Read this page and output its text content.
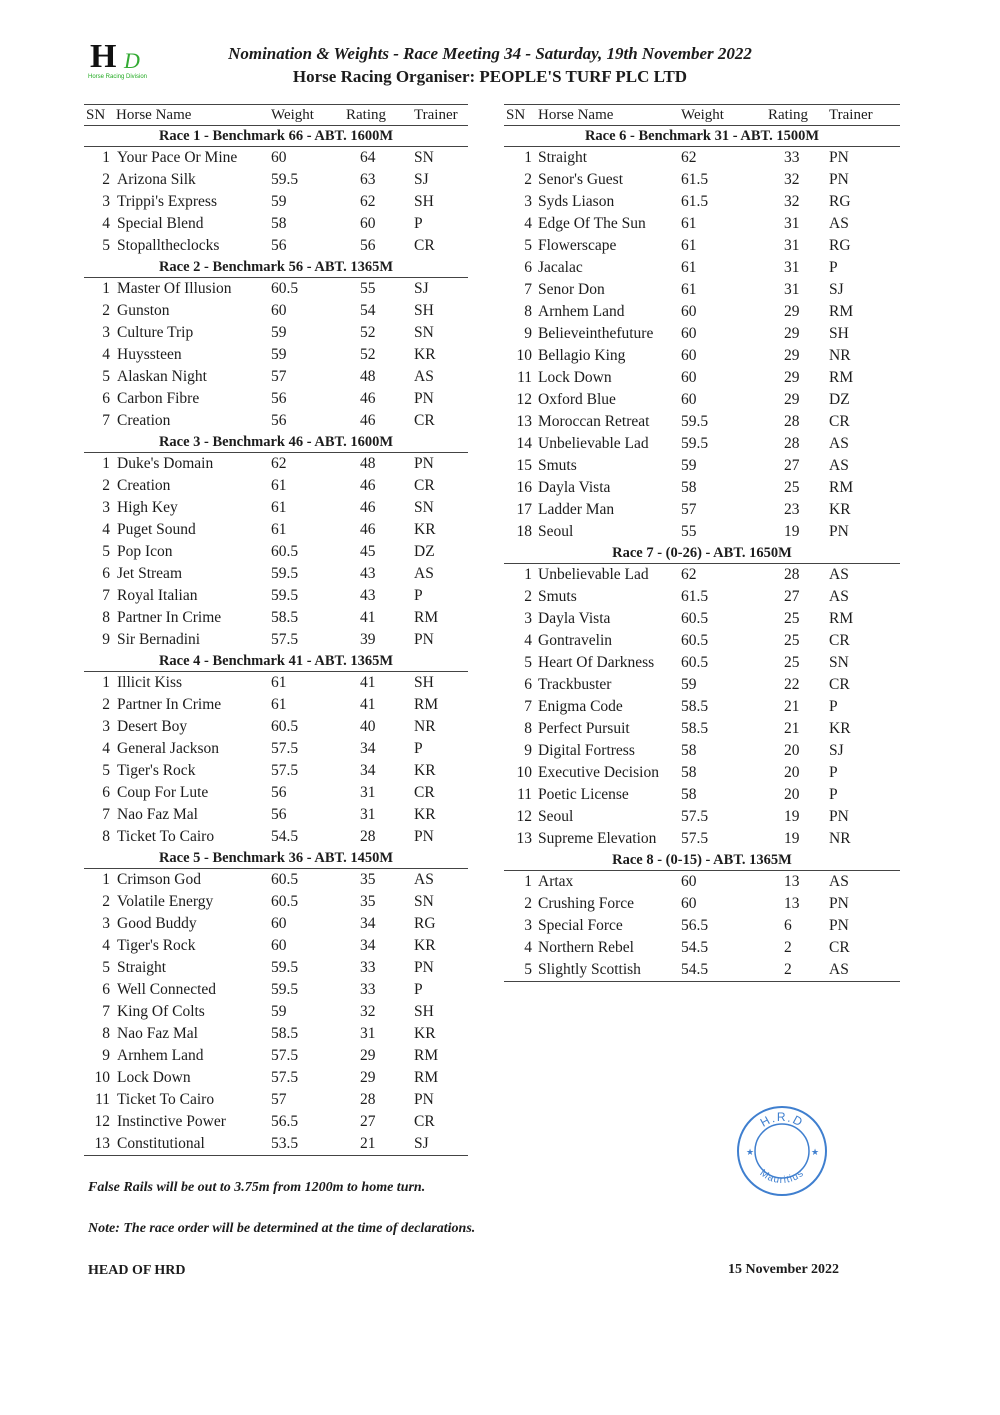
H D
Horse Racing Division
Nomination & Weights - Race Meeting 34 - Saturday, 19th November 2022
Horse Racing Organiser: PEOPLE'S TURF PLC LTD
SN Horse Name	Weight Rating Trainer
Race 1 - Benchmark 66 - ABT. 1600M
1 Your Pace Or Mine 60	64 SN
2 Arizona Silk	59.5	63 SJ
3 Trippi's Express	59	62 SH
4 Special Blend	58	60 P
5 Stopalltheclocks	56	56 CR
Race 2 - Benchmark 56 - ABT. 1365M
1 Master Of Illusion	60.5	55 SJ
2 Gunston	60	54 SH
3 Culture Trip	59	52 SN
4 Huyssteen	59	52 KR
5 Alaskan Night	57	48 AS
6 Carbon Fibre	56	46 PN
7 Creation	56	46 CR
Race 3 - Benchmark 46 - ABT. 1600M
1 Duke's Domain	62	48 PN
2 Creation	61	46 CR
3 High Key	61	46 SN
4 Puget Sound	61	46 KR
5 Pop Icon	60.5	45 DZ
6 Jet Stream	59.5	43 AS
7 Royal Italian	59.5	43 P
8 Partner In Crime	58.5	41 RM
9 Sir Bernadini	57.5	39 PN
Race 4 - Benchmark 41 - ABT. 1365M
1 Illicit Kiss	61	41 SH
2 Partner In Crime	61	41 RM
3 Desert Boy	60.5	40 NR
4 General Jackson	57.5	34 P
5 Tiger's Rock	57.5	34 KR
6 Coup For Lute	56	31 CR
7 Nao Faz Mal	56	31 KR
8 Ticket To Cairo	54.5	28 PN
Race 5 - Benchmark 36 - ABT. 1450M
1 Crimson God	60.5	35 AS
2 Volatile Energy	60.5	35 SN
3 Good Buddy	60	34 RG
4 Tiger's Rock	60	34 KR
5 Straight	59.5	33 PN
6 Well Connected	59.5	33 P
7 King Of Colts	59	32 SH
8 Nao Faz Mal	58.5	31 KR
9 Arnhem Land	57.5	29 RM
10 Lock Down	57.5	29 RM
11 Ticket To Cairo	57	28 PN
12 Instinctive Power	56.5	27 CR
13 Constitutional	53.5	21 SJ
SN Horse Name	Weight	Rating Trainer
Race 6 - Benchmark 31 - ABT. 1500M
1 Straight	62	33 PN
2 Senor's Guest	61.5	32 PN
3 Syds Liason	61.5	32 RG
4 Edge Of The Sun 61	31 AS
5 Flowerscape	61	31 RG
6 Jacalac	61	31 P
7 Senor Don	61	31 SJ
8 Arnhem Land	60	29 RM
9 Believeinthefuture 60	29 SH
10 Bellagio King	60	29 NR
11 Lock Down	60	29 RM
12 Oxford Blue	60	29 DZ
13 Moroccan Retreat 59.5	28 CR
14 Unbelievable Lad 59.5	28 AS
15 Smuts	59	27 AS
16 Dayla Vista	58	25 RM
17 Ladder Man	57	23 KR
18 Seoul	55	19 PN
Race 7 - (0-26) - ABT. 1650M
1 Unbelievable Lad 62	28 AS
2 Smuts	61.5	27 AS
3 Dayla Vista	60.5	25 RM
4 Gontravelin	60.5	25 CR
5 Heart Of Darkness 60.5	25 SN
6 Trackbuster	59	22 CR
7 Enigma Code	58.5	21 P
8 Perfect Pursuit	58.5	21 KR
9 Digital Fortress	58	20 SJ
10 Executive Decision 58	20 P
11 Poetic License	58	20 P
12 Seoul	57.5	19 PN
13 Supreme Elevation 57.5	19 NR
Race 8 - (0-15) - ABT. 1365M
1 Artax	60	13 AS
2 Crushing Force	60	13 PN
3 Special Force	56.5	6 PN
4 Northern Rebel	54.5	2 CR
5 Slightly Scottish	54.5	2 AS
H.R.D
Mauritius
★	★
False Rails will be out to 3.75m from 1200m to home turn.
Note: The race order will be determined at the time of declarations.
HEAD OF HRD	15 November 2022
